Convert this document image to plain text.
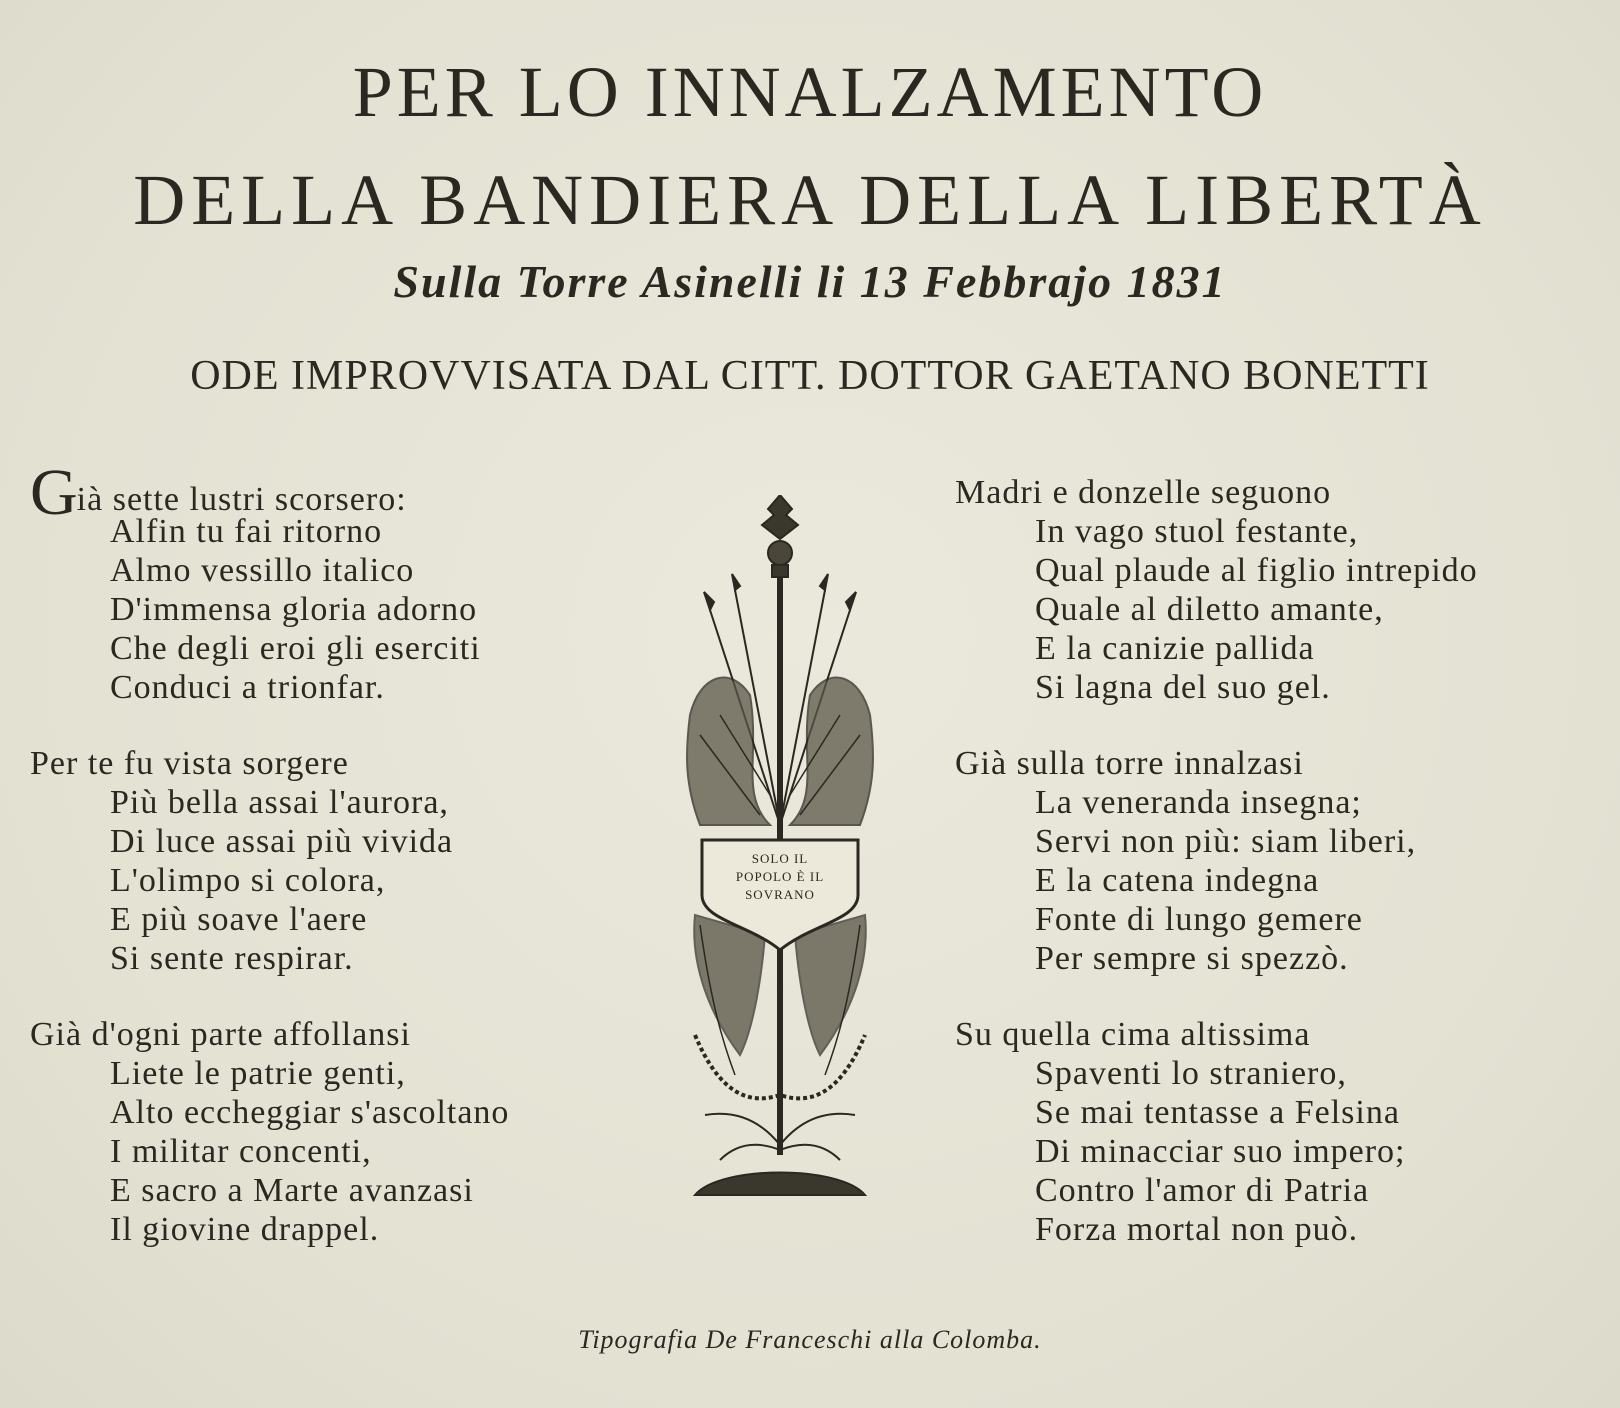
PER LO INNALZAMENTO
DELLA BANDIERA DELLA LIBERTÀ
Sulla Torre Asinelli li 13 Febbrajo 1831
ODE IMPROVVISATA DAL CITT. DOTTOR GAETANO BONETTI
Già sette lustri scorsero:
Alfin tu fai ritorno
Almo vessillo italico
D'immensa gloria adorno
Che degli eroi gli eserciti
Conduci a trionfar.
Per te fu vista sorgere
Più bella assai l'aurora,
Di luce assai più vivida
L'olimpo si colora,
E più soave l'aere
Si sente respirar.
Già d'ogni parte affollansi
Liete le patrie genti,
Alto eccheggiar s'ascoltano
I militar concenti,
E sacro a Marte avanzasi
Il giovine drappel.
SOLO IL
POPOLO È IL
SOVRANO
Madri e donzelle seguono
In vago stuol festante,
Qual plaude al figlio intrepido
Quale al diletto amante,
E la canizie pallida
Si lagna del suo gel.
Già sulla torre innalzasi
La veneranda insegna;
Servi non più: siam liberi,
E la catena indegna
Fonte di lungo gemere
Per sempre si spezzò.
Su quella cima altissima
Spaventi lo straniero,
Se mai tentasse a Felsina
Di minacciar suo impero;
Contro l'amor di Patria
Forza mortal non può.
Tipografia De Franceschi alla Colomba.
